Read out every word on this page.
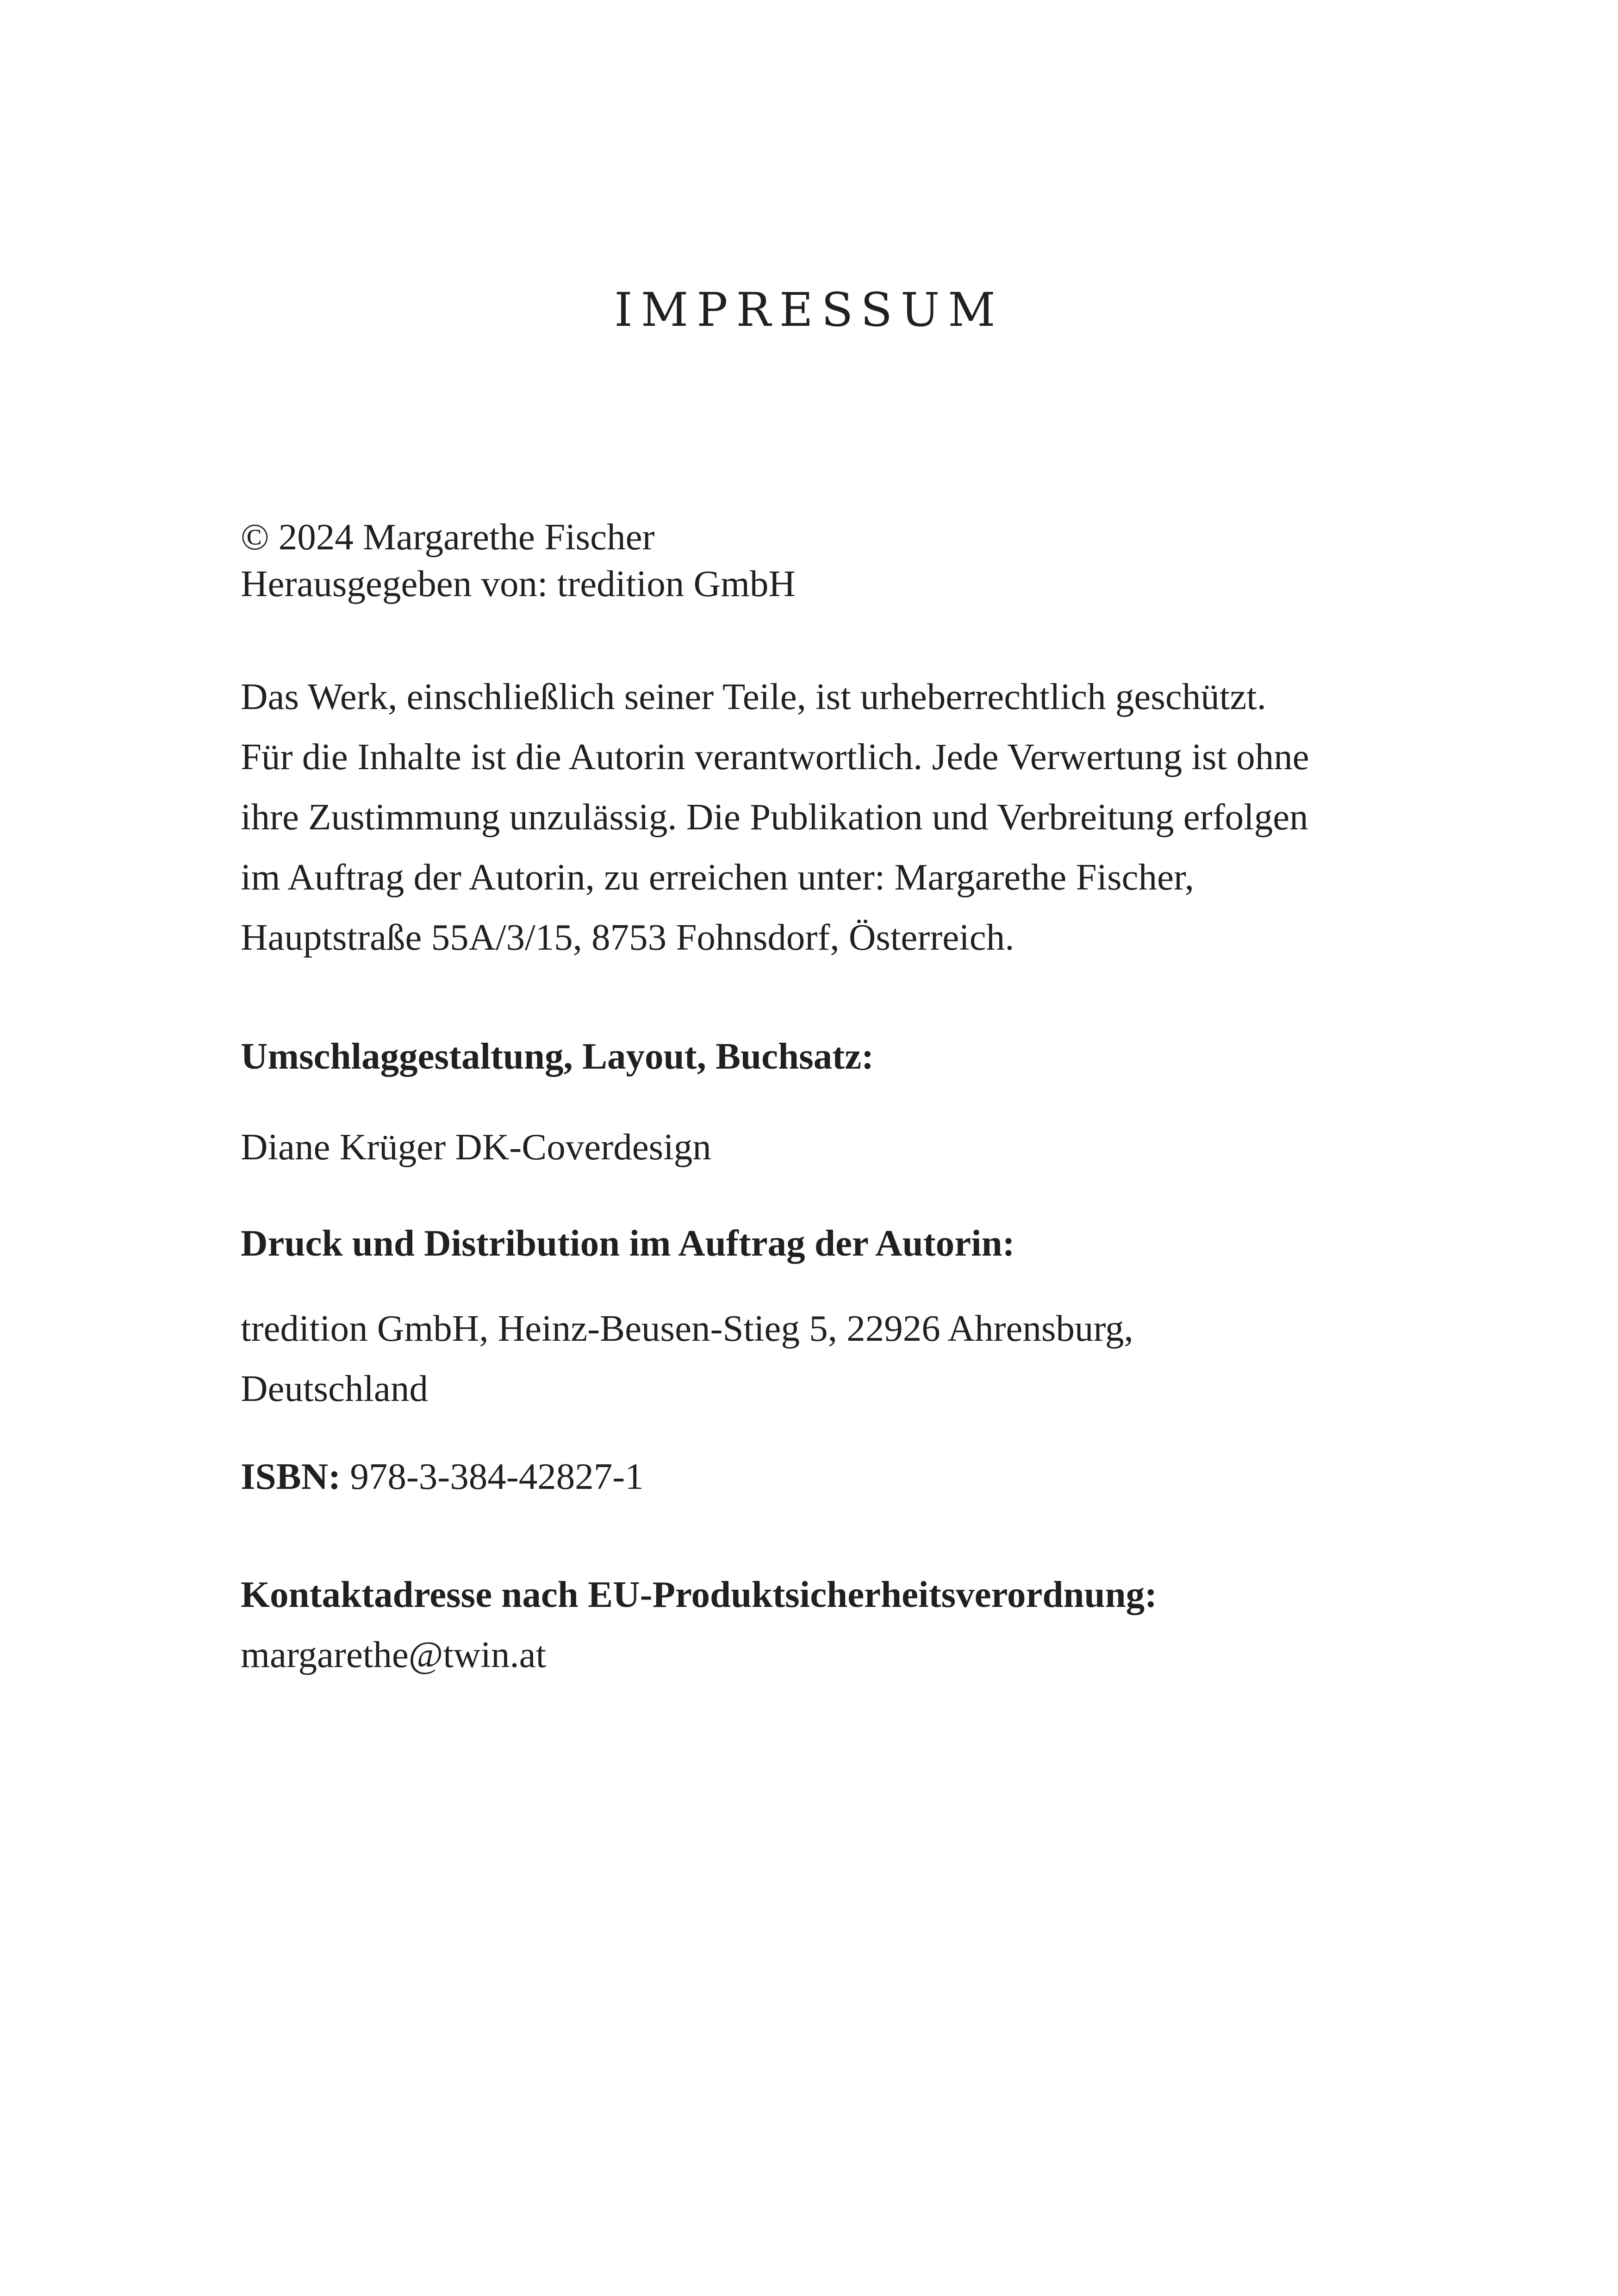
IMPRESSUM

© 2024 Margarethe Fischer
Herausgegeben von: tredition GmbH

Das Werk, einschließlich seiner Teile, ist urheberrechtlich geschützt.
Für die Inhalte ist die Autorin verantwortlich. Jede Verwertung ist ohne
ihre Zustimmung unzulässig. Die Publikation und Verbreitung erfolgen
im Auftrag der Autorin, zu erreichen unter: Margarethe Fischer,
Hauptstraße 55A/3/15, 8753 Fohnsdorf, Österreich.

Umschlaggestaltung, Layout, Buchsatz:

Diane Krüger DK-Coverdesign

Druck und Distribution im Auftrag der Autorin:

tredition GmbH, Heinz-Beusen-Stieg 5, 22926 Ahrensburg,
Deutschland

ISBN: 978-3-384-42827-1

Kontaktadresse nach EU-Produktsicherheitsverordnung:

margarethe@twin.at
